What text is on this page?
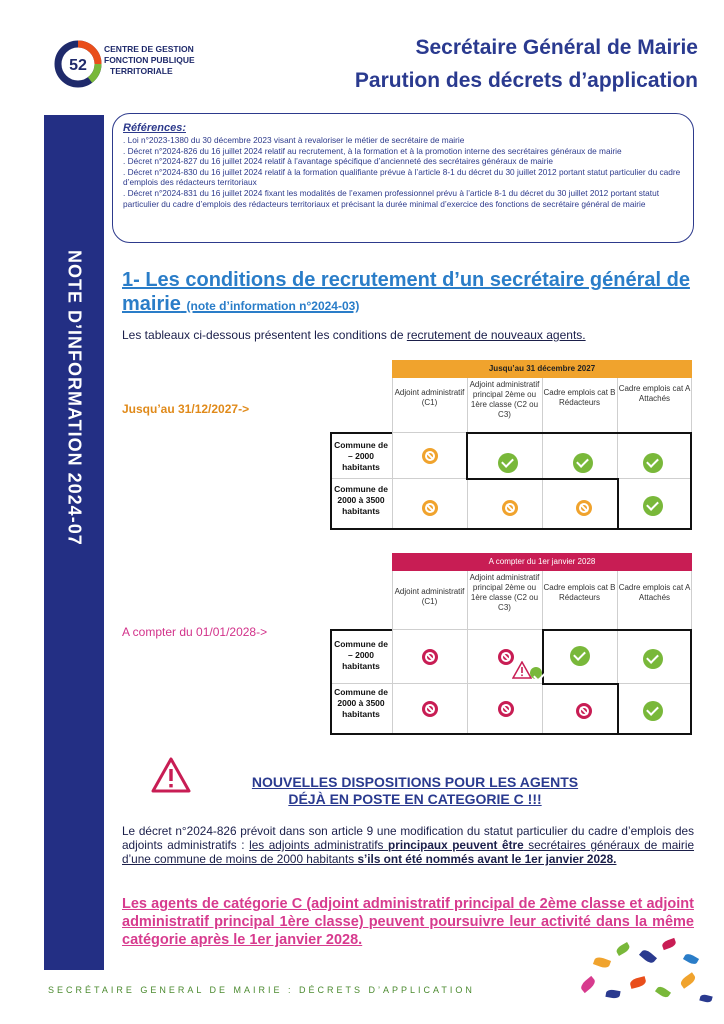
52
CENTRE DE GESTION
FONCTION PUBLIQUE
TERRITORIALE
Secrétaire Général de Mairie
Parution des décrets d’application
NOTE D’INFORMATION 2024-07
Références:
. Loi n°2023-1380 du 30 décembre 2023 visant à revaloriser le métier de secrétaire de mairie
. Décret n°2024-826 du 16 juillet 2024 relatif au recrutement, à la formation et à la promotion interne des secrétaires généraux de mairie
. Décret n°2024-827 du 16 juillet 2024 relatif à l’avantage spécifique d’ancienneté des secrétaires généraux de mairie
. Décret n°2024-830 du 16 juillet 2024 relatif à la formation qualifiante prévue à l’article 8-1 du décret du 30 juillet 2012 portant statut particulier du cadre d’emplois des rédacteurs territoriaux
. Décret n°2024-831 du 16 juillet 2024 fixant les modalités de l’examen professionnel prévu à l’article 8-1 du décret du 30 juillet 2012 portant statut particulier du cadre d’emplois des rédacteurs territoriaux et précisant la durée minimal d’exercice des fonctions de secrétaire général de mairie
1- Les conditions de recrutement d’un secrétaire général de mairie (note d’information n°2024-03)
Les tableaux ci-dessous présentent les conditions de recrutement de nouveaux agents.
Jusqu’au 31/12/2027->
Jusqu’au 31 décembre 2027
Adjoint administratif (C1)
Adjoint administratif principal 2ème ou 1ère classe (C2 ou C3)
Cadre emplois cat B Rédacteurs
Cadre emplois cat A Attachés
Commune de – 2000 habitants
Commune de 2000 à 3500 habitants
A compter du 01/01/2028->
A compter du 1er janvier 2028
Adjoint administratif (C1)
Adjoint administratif principal 2ème ou 1ère classe (C2 ou C3)
Cadre emplois cat B Rédacteurs
Cadre emplois cat A Attachés
Commune de – 2000 habitants
Commune de 2000 à 3500 habitants
NOUVELLES DISPOSITIONS POUR LES AGENTS
DÉJÀ EN POSTE EN CATEGORIE C !!!
Le décret n°2024-826 prévoit dans son article 9 une modification du statut particulier du cadre d’emplois des adjoints administratifs : les adjoints administratifs principaux peuvent être secrétaires généraux de mairie d’une commune de moins de 2000 habitants s’ils ont été nommés avant le 1er janvier 2028.
Les agents de catégorie C (adjoint administratif principal de 2ème classe et adjoint administratif principal 1ère classe) peuvent poursuivre leur activité dans la même catégorie après le 1er janvier 2028.
SECRÉTAIRE GENERAL DE MAIRIE : DÉCRETS D’APPLICATION
